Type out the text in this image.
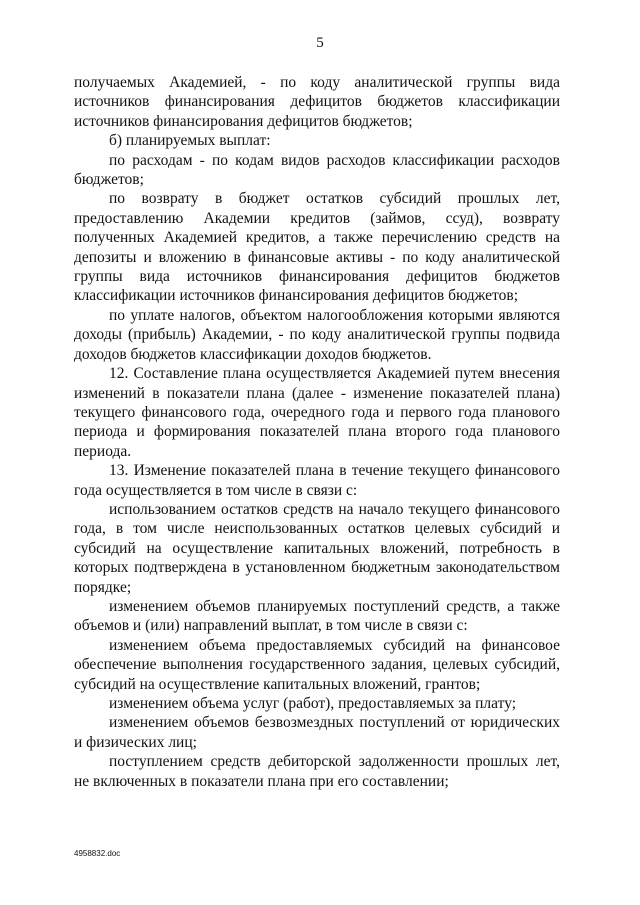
5

получаемых Академией, - по коду аналитической группы вида источников финансирования дефицитов бюджетов классификации источников финансирования дефицитов бюджетов;

б) планируемых выплат:

по расходам - по кодам видов расходов классификации расходов бюджетов;

по возврату в бюджет остатков субсидий прошлых лет, предоставлению Академии кредитов (займов, ссуд), возврату полученных Академией кредитов, а также перечислению средств на депозиты и вложению в финансовые активы - по коду аналитической группы вида источников финансирования дефицитов бюджетов классификации источников финансирования дефицитов бюджетов;

по уплате налогов, объектом налогообложения которыми являются доходы (прибыль) Академии, - по коду аналитической группы подвида доходов бюджетов классификации доходов бюджетов.

12. Составление плана осуществляется Академией путем внесения изменений в показатели плана (далее - изменение показателей плана) текущего финансового года, очередного года и первого года планового периода и формирования показателей плана второго года планового периода.

13. Изменение показателей плана в течение текущего финансового года осуществляется в том числе в связи с:

использованием остатков средств на начало текущего финансового года, в том числе неиспользованных остатков целевых субсидий и субсидий на осуществление капитальных вложений, потребность в которых подтверждена в установленном бюджетным законодательством порядке;

изменением объемов планируемых поступлений средств, а также объемов и (или) направлений выплат, в том числе в связи с:

изменением объема предоставляемых субсидий на финансовое обеспечение выполнения государственного задания, целевых субсидий, субсидий на осуществление капитальных вложений, грантов;

изменением объема услуг (работ), предоставляемых за плату;

изменением объемов безвозмездных поступлений от юридических и физических лиц;

поступлением средств дебиторской задолженности прошлых лет, не включенных в показатели плана при его составлении;

4958832.doc
